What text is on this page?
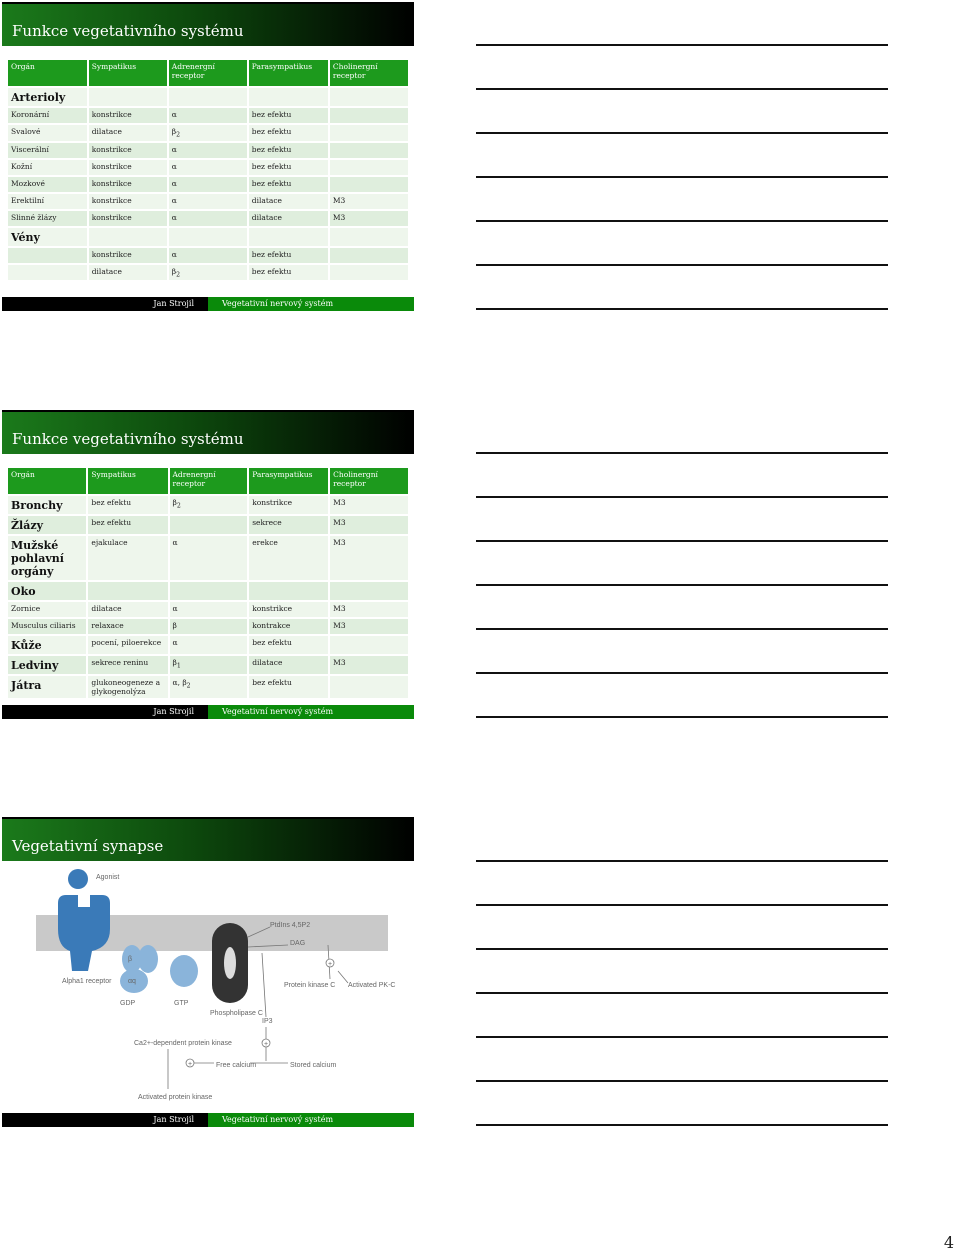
Funkce vegetativního systému
Orgán	Sympatikus	Adrenergní receptor	Parasympatikus	Cholinergní receptor
Arterioly				
Koronární	konstrikce	α	bez efektu	
Svalové	dilatace	$\beta_2$	bez efektu	
Viscerální	konstrikce	α	bez efektu	
Kožní	konstrikce	α	bez efektu	
Mozkové	konstrikce	α	bez efektu	
Erektilní	konstrikce	α	dilatace	M3
Slinné žlázy	konstrikce	α	dilatace	M3
Vény				
	konstrikce	α	bez efektu	
	dilatace	$\beta_2$	bez efektu	
Jan Strojil	Vegetativní nervový systém
Funkce vegetativního systému
Orgán	Sympatikus	Adrenergní receptor	Parasympatikus	Cholinergní receptor
Bronchy	bez efektu	$\beta_2$	konstrikce	M3
Žlázy	bez efektu		sekrece	M3
Mužské pohlavní orgány	ejakulace	α	erekce	M3
Oko				
Zornice	dilatace	α	konstrikce	M3
Musculus ciliaris	relaxace	β	kontrakce	M3
Kůže	pocení, piloerekce	α	bez efektu	
Ledviny	sekrece reninu	$\beta_1$	dilatace	M3
Játra	glukoneogeneze a glykogenolýza	α, $\beta_2$	bez efektu	
Jan Strojil	Vegetativní nervový systém
Vegetativní synapse
Agonist
Alpha1 receptor
β
αq
GDP	GTP
Phospholipase C
PtdIns 4,5P2
DAG
Protein kinase C Activated PK-C
IP3
Ca2+-dependent protein kinase
Free calcium	Stored calcium
Activated protein kinase
+
+
+
Jan Strojil	Vegetativní nervový systém
4
